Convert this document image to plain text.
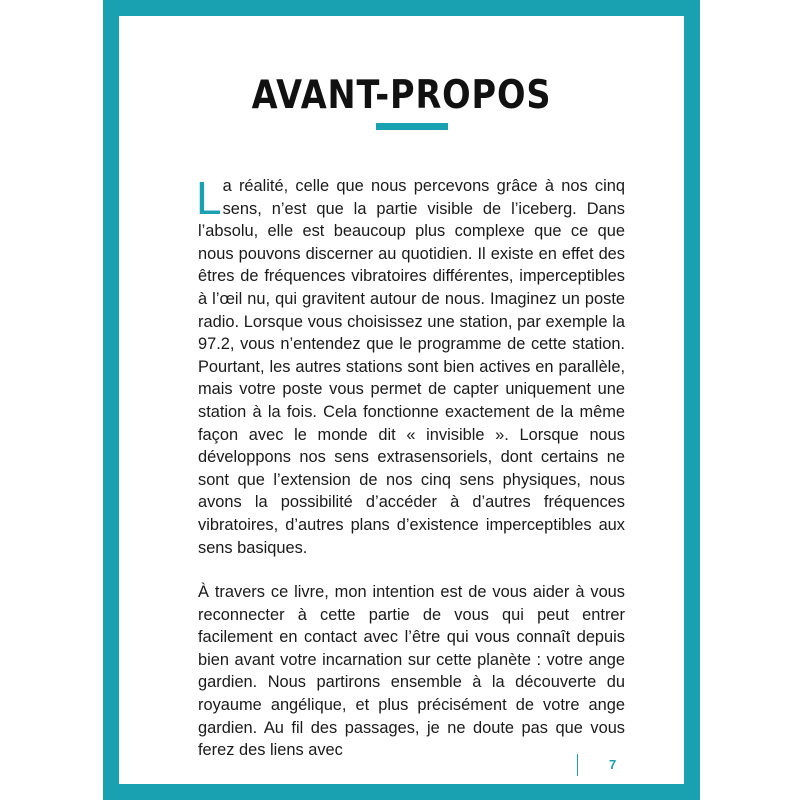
AVANT-PROPOS

La réalité, celle que nous percevons grâce à nos cinq sens, n’est que la partie visible de l’iceberg. Dans l’absolu, elle est beaucoup plus complexe que ce que nous pouvons discerner au quotidien. Il existe en effet des êtres de fréquences vibratoires différentes, imperceptibles à l’œil nu, qui gravitent autour de nous. Imaginez un poste radio. Lorsque vous choisissez une station, par exemple la 97.2, vous n’entendez que le programme de cette station. Pourtant, les autres stations sont bien actives en parallèle, mais votre poste vous permet de capter uniquement une station à la fois. Cela fonctionne exactement de la même façon avec le monde dit « invisible ». Lorsque nous développons nos sens extrasensoriels, dont certains ne sont que l’extension de nos cinq sens physiques, nous avons la possibilité d’accéder à d’autres fréquences vibratoires, d’autres plans d’existence imperceptibles aux sens basiques.

À travers ce livre, mon intention est de vous aider à vous reconnecter à cette partie de vous qui peut entrer facilement en contact avec l’être qui vous connaît depuis bien avant votre incarnation sur cette planète : votre ange gardien. Nous partirons ensemble à la découverte du royaume angélique, et plus précisément de votre ange gardien. Au fil des passages, je ne doute pas que vous ferez des liens avec

7
